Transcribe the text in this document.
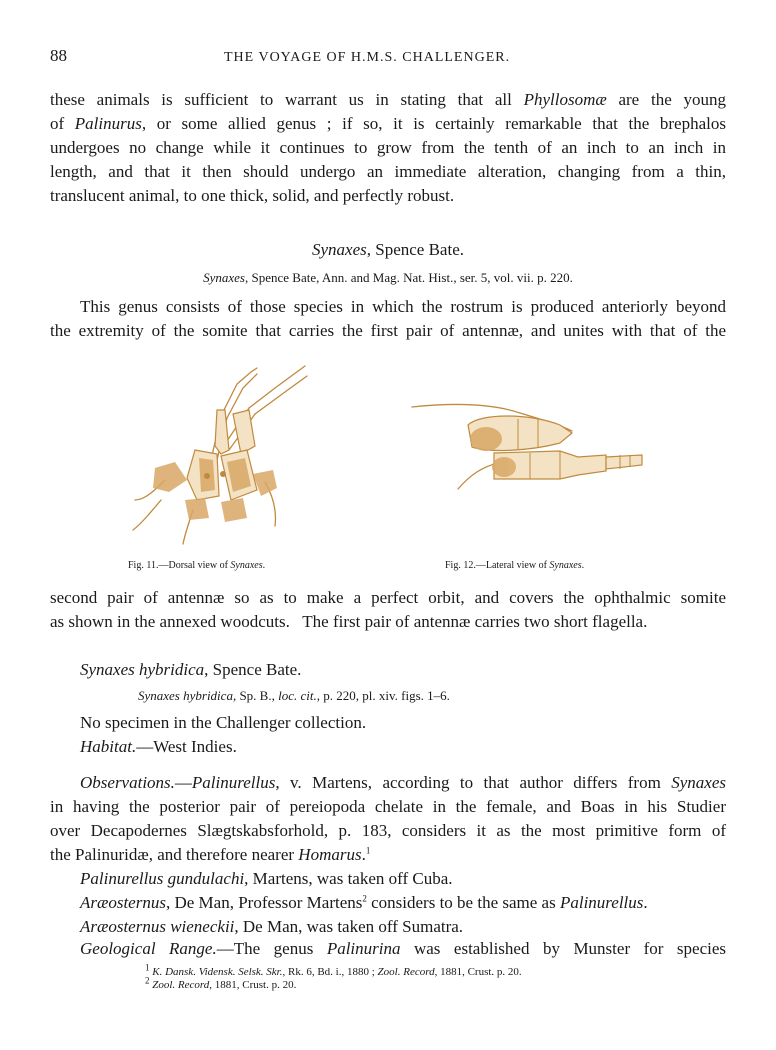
88	THE VOYAGE OF H.M.S. CHALLENGER.
these animals is sufficient to warrant us in stating that all Phyllosomæ are the young
of Palinurus, or some allied genus ; if so, it is certainly remarkable that the brephalos
undergoes no change while it continues to grow from the tenth of an inch to an inch in
length, and that it then should undergo an immediate alteration, changing from a thin,
translucent animal, to one thick, solid, and perfectly robust.
Synaxes, Spence Bate.
Synaxes, Spence Bate, Ann. and Mag. Nat. Hist., ser. 5, vol. vii. p. 220.
This genus consists of those species in which the rostrum is produced anteriorly beyond
the extremity of the somite that carries the first pair of antennæ, and unites with that of the
Fig. 11.—Dorsal view of Synaxes.	Fig. 12.—Lateral view of Synaxes.
second pair of antennæ so as to make a perfect orbit, and covers the ophthalmic somite
as shown in the annexed woodcuts.   The first pair of antennæ carries two short flagella.
Synaxes hybridica, Spence Bate.
Synaxes hybridica, Sp. B., loc. cit., p. 220, pl. xiv. figs. 1–6.
No specimen in the Challenger collection.
Habitat.—West Indies.
Observations.—Palinurellus, v. Martens, according to that author differs from Synaxes
in having the posterior pair of pereiopoda chelate in the female, and Boas in his Studier
over Decapodernes Slægtskabsforhold, p. 183, considers it as the most primitive form of
the Palinuridæ, and therefore nearer Homarus.$^1$
Palinurellus gundulachi, Martens, was taken off Cuba.
Aræosternus, De Man, Professor Martens$^2$ considers to be the same as Palinurellus.
Aræosternus wieneckii, De Man, was taken off Sumatra.
Geological Range.—The genus Palinurina was established by Munster for species
$^1$ K. Dansk. Vidensk. Selsk. Skr., Rk. 6, Bd. i., 1880 ; Zool. Record, 1881, Crust. p. 20.
$^2$ Zool. Record, 1881, Crust. p. 20.
